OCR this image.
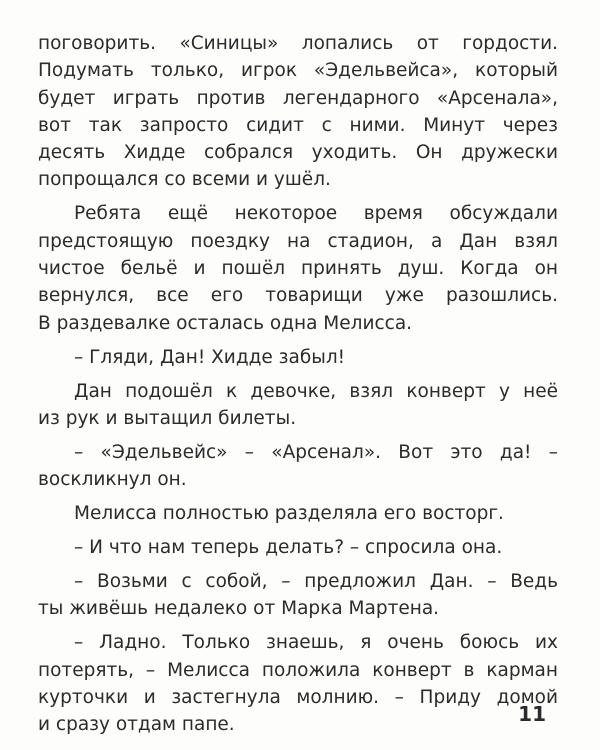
поговорить. «Синицы» лопались от гордости.
Подумать только, игрок «Эдельвейса», который
будет играть против легендарного «Арсенала»,
вот так запросто сидит с ними. Минут через
десять Хидде собрался уходить. Он дружески
попрощался со всеми и ушёл.
Ребята ещё некоторое время обсуждали
предстоящую поездку на стадион, а Дан взял
чистое бельё и пошёл принять душ. Когда он
вернулся, все его товарищи уже разошлись.
В раздевалке осталась одна Мелисса.
– Гляди, Дан! Хидде забыл!
Дан подошёл к девочке, взял конверт у неё
из рук и вытащил билеты.
– «Эдельвейс» – «Арсенал». Вот это да! –
воскликнул он.
Мелисса полностью разделяла его восторг.
– И что нам теперь делать? – спросила она.
– Возьми с собой, – предложил Дан. – Ведь
ты живёшь недалеко от Марка Мартена.
– Ладно. Только знаешь, я очень боюсь их
потерять, – Мелисса положила конверт в карман
курточки и застегнула молнию. – Приду домой
и сразу отдам папе.	11
